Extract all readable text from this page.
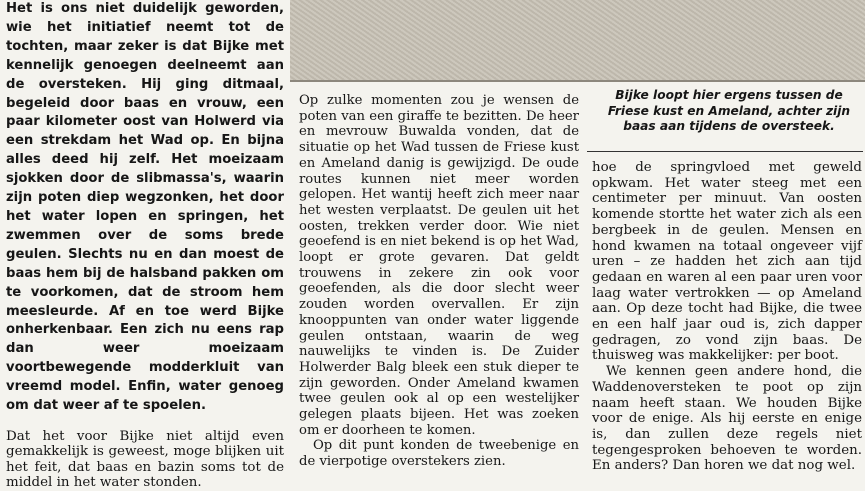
Het is ons niet duidelijk geworden, wie het initiatief neemt tot de tochten, maar zeker is dat Bijke met kennelijk genoegen deelneemt aan de oversteken. Hij ging ditmaal, begeleid door baas en vrouw, een paar kilometer oost van Holwerd via een strekdam het Wad op. En bijna alles deed hij zelf. Het moeizaam sjokken door de slibmassa's, waarin zijn poten diep wegzonken, het door het water lopen en springen, het zwemmen over de soms brede geulen. Slechts nu en dan moest de baas hem bij de halsband pakken om te voorkomen, dat de stroom hem meesleurde. Af en toe werd Bijke onherkenbaar. Een zich nu eens rap dan weer moeizaam voortbewegende modderkluit van vreemd model. Enfin, water genoeg om dat weer af te spoelen.

Dat het voor Bijke niet altijd even gemakkelijk is geweest, moge blijken uit het feit, dat baas en bazin soms tot de middel in het water stonden.

Op zulke momenten zou je wensen de poten van een giraffe te bezitten. De heer en mevrouw Buwalda vonden, dat de situatie op het Wad tussen de Friese kust en Ameland danig is gewijzigd. De oude routes kunnen niet meer worden gelopen. Het wantij heeft zich meer naar het westen verplaatst. De geulen uit het oosten, trekken verder door. Wie niet geoefend is en niet bekend is op het Wad, loopt er grote gevaren. Dat geldt trouwens in zekere zin ook voor geoefenden, als die door slecht weer zouden worden overvallen. Er zijn knooppunten van onder water liggende geulen ontstaan, waarin de weg nauwelijks te vinden is. De Zuider Holwerder Balg bleek een stuk dieper te zijn geworden. Onder Ameland kwamen twee geulen ook al op een westelijker gelegen plaats bijeen. Het was zoeken om er doorheen te komen.

Op dit punt konden de tweebenige en de vierpotige overstekers zien.

Bijke loopt hier ergens tussen de Friese kust en Ameland, achter zijn baas aan tijdens de oversteek.

hoe de springvloed met geweld opkwam. Het water steeg met een centimeter per minuut. Van oosten komende stortte het water zich als een bergbeek in de geulen. Mensen en hond kwamen na totaal ongeveer vijf uren – ze hadden het zich aan tijd gedaan en waren al een paar uren voor laag water vertrokken — op Ameland aan. Op deze tocht had Bijke, die twee en een half jaar oud is, zich dapper gedragen, zo vond zijn baas. De thuisweg was makkelijker: per boot.

We kennen geen andere hond, die Waddenoversteken te poot op zijn naam heeft staan. We houden Bijke voor de enige. Als hij eerste en enige is, dan zullen deze regels niet tegengesproken behoeven te worden. En anders? Dan horen we dat nog wel.
